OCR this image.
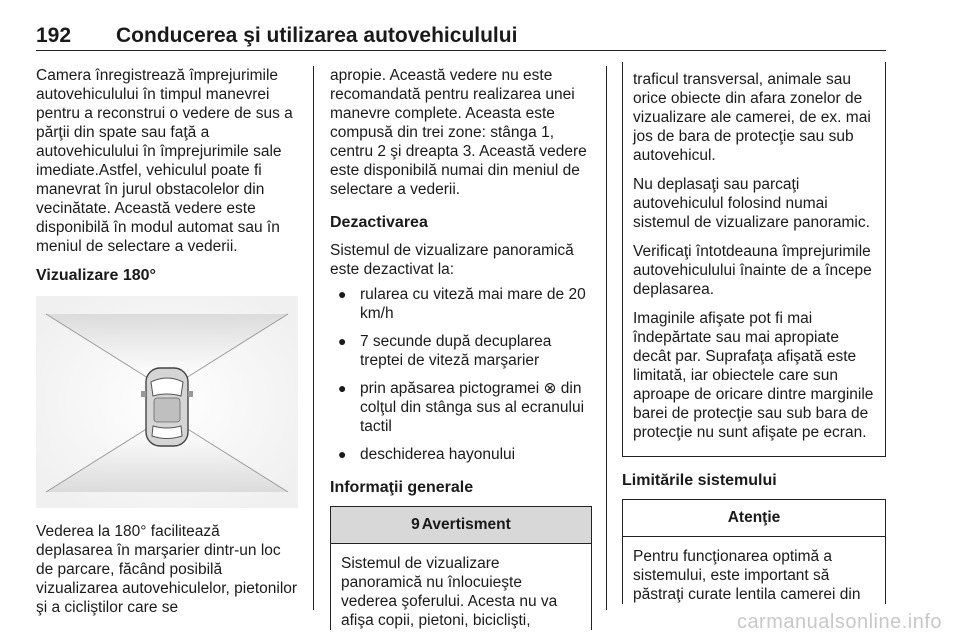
192 Conducerea şi utilizarea autovehiculului

Camera înregistrează împrejurimile autovehiculului în timpul manevrei pentru a reconstrui o vedere de sus a părţii din spate sau faţă a autovehiculului în împrejurimile sale imediate.Astfel, vehiculul poate fi manevrat în jurul obstacolelor din vecinătate. Această vedere este disponibilă în modul automat sau în meniul de selectare a vederii.

Vizualizare 180°

Vederea la 180° facilitează deplasarea în marşarier dintr-un loc de parcare, făcând posibilă vizualizarea autovehiculelor, pietonilor şi a cicliştilor care se

apropie. Această vedere nu este recomandată pentru realizarea unei manevre complete. Aceasta este compusă din trei zone: stânga 1, centru 2 şi dreapta 3. Această vedere este disponibilă numai din meniul de selectare a vederii.

Dezactivarea

Sistemul de vizualizare panoramică este dezactivat la:

● rularea cu viteză mai mare de 20 km/h
● 7 secunde după decuplarea treptei de viteză marşarier
● prin apăsarea pictogramei ⊗ din colţul din stânga sus al ecranului tactil
● deschiderea hayonului
Informaţii generale
9 Avertisment

Sistemul de vizualizare panoramică nu înlocuieşte vederea şoferului. Acesta nu va afişa copii, pietoni, biciclişti,

traficul transversal, animale sau orice obiecte din afara zonelor de vizualizare ale camerei, de ex. mai jos de bara de protecţie sau sub autovehicul.

Nu deplasaţi sau parcaţi autovehiculul folosind numai sistemul de vizualizare panoramic.

Verificaţi întotdeauna împrejurimile autovehiculului înainte de a începe deplasarea.

Imaginile afişate pot fi mai îndepărtate sau mai apropiate decât par. Suprafaţa afişată este limitată, iar obiectele care sun aproape de oricare dintre marginile barei de protecţie sau sub bara de protecţie nu sunt afişate pe ecran.

Limitările sistemului
Atenţie

Pentru funcţionarea optimă a sistemului, este important să păstraţi curate lentila camerei din

carmanualsonline.info
